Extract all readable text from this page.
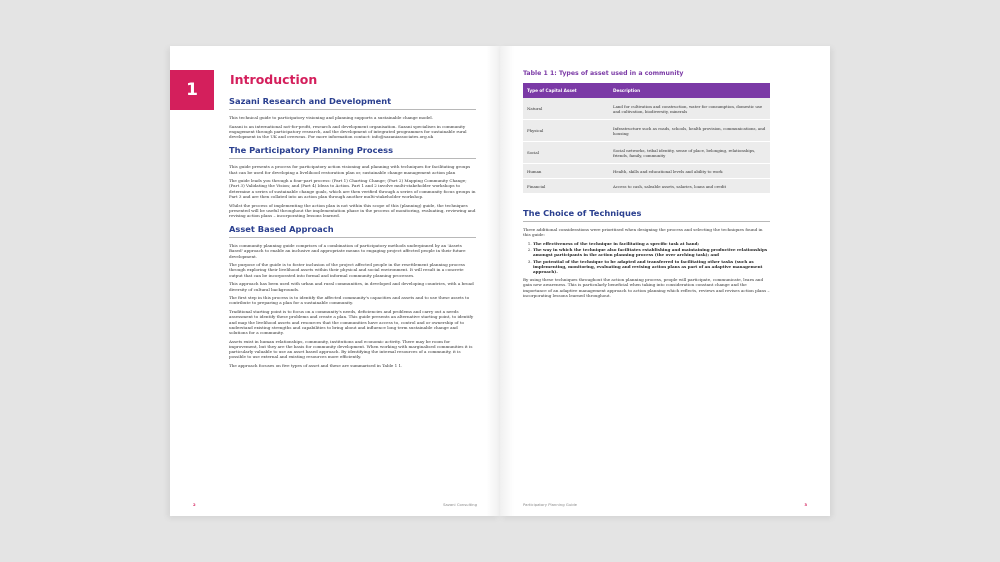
1
Introduction
Sazani Research and Development

This technical guide to participatory visioning and planning supports a sustainable change model.

Sazani is an international not-for-profit, research and development organisation. Sazani specialises in community engagement through participatory research, and the development of integrated programmes for sustainable rural development in the UK and overseas. For more information contact: info@sazaniassociates.org.uk

The Participatory Planning Process

This guide presents a process for participatory action visioning and planning with techniques for facilitating groups that can be used for developing a livelihood restoration plan or, sustainable change management action plan

The guide leads you through a four-part process: (Part 1) Charting Change; (Part 2) Mapping Community Change; (Part 3) Validating the Vision; and (Part 4) Ideas to Action. Part 1 and 2 involve multi-stakeholder workshops to determine a series of sustainable change goals, which are then verified through a series of community focus groups in Part 3 and are then collated into an action plan through another multi-stakeholder workshop.

Whilst the process of implementing the action plan is not within this scope of this (planning) guide, the techniques presented will be useful throughout the implementation phase in the process of monitoring, evaluating, reviewing and revising action plans – incorporating lessons learned.

Asset Based Approach

This community planning guide comprises of a combination of participatory methods underpinned by an 'Assets Based' approach to enable an inclusive and appropriate means to engaging project affected people in their future development.

The purpose of the guide is to foster inclusion of the project affected people in the resettlement planning process through exploring their livelihood assets within their physical and social environment. It will result in a concrete output that can be incorporated into formal and informal community planning processes.

This approach has been used with urban and rural communities, in developed and developing countries, with a broad diversity of cultural backgrounds.

The first step in this process is to identify the affected community's capacities and assets and to use these assets to contribute to preparing a plan for a sustainable community.

Traditional starting point is to focus on a community's needs, deficiencies and problems and carry out a needs assessment to identify these problems and create a plan. This guide presents an alternative starting point, to identify and map the livelihood assets and resources that the communities have access to, control and or ownership of to understand existing strengths and capabilities to bring about and influence long term sustainable change and solutions for a community.

Assets exist in human relationships, community, institutions and economic activity. There may be room for improvement, but they are the basis for community development. When working with marginalised communities it is particularly valuable to use an asset based approach. By identifying the internal resources of a community, it is possible to use external and existing resources more efficiently.

The approach focuses on five types of asset and these are summarised in Table 1 1.

2	Sazani Consulting
Table 1 1: Types of asset used in a community
Type of Capital Asset	Description
Natural	Land for cultivation and construction, water for consumption, domestic use and cultivation, biodiversity, minerals
Physical	Infrastructure such as roads, schools, health provision, communications, and housing
Social	Social networks, tribal identity, sense of place, belonging, relationships, friends, family, community
Human	Health, skills and educational levels and ability to work
Financial	Access to cash, saleable assets, salaries, loans and credit
The Choice of Techniques

Three additional considerations were prioritised when designing the process and selecting the techniques found in this guide:

1. The effectiveness of the technique in facilitating a specific task at hand;
2. The way in which the technique also facilitates establishing and maintaining productive relationships amongst participants in the action planning process (the over arching task); and
3. The potential of the technique to be adapted and transferred to facilitating other tasks (such as implementing, monitoring, evaluating and revising action plans as part of an adaptive management approach).

By using these techniques throughout the action planning process, people will participate, communicate, learn and gain new awareness. This is particularly beneficial when taking into consideration constant change and the importance of an adaptive management approach to action planning which reflects, reviews and revises action plans – incorporating lessons learned throughout.

Participatory Planning Guide	3
